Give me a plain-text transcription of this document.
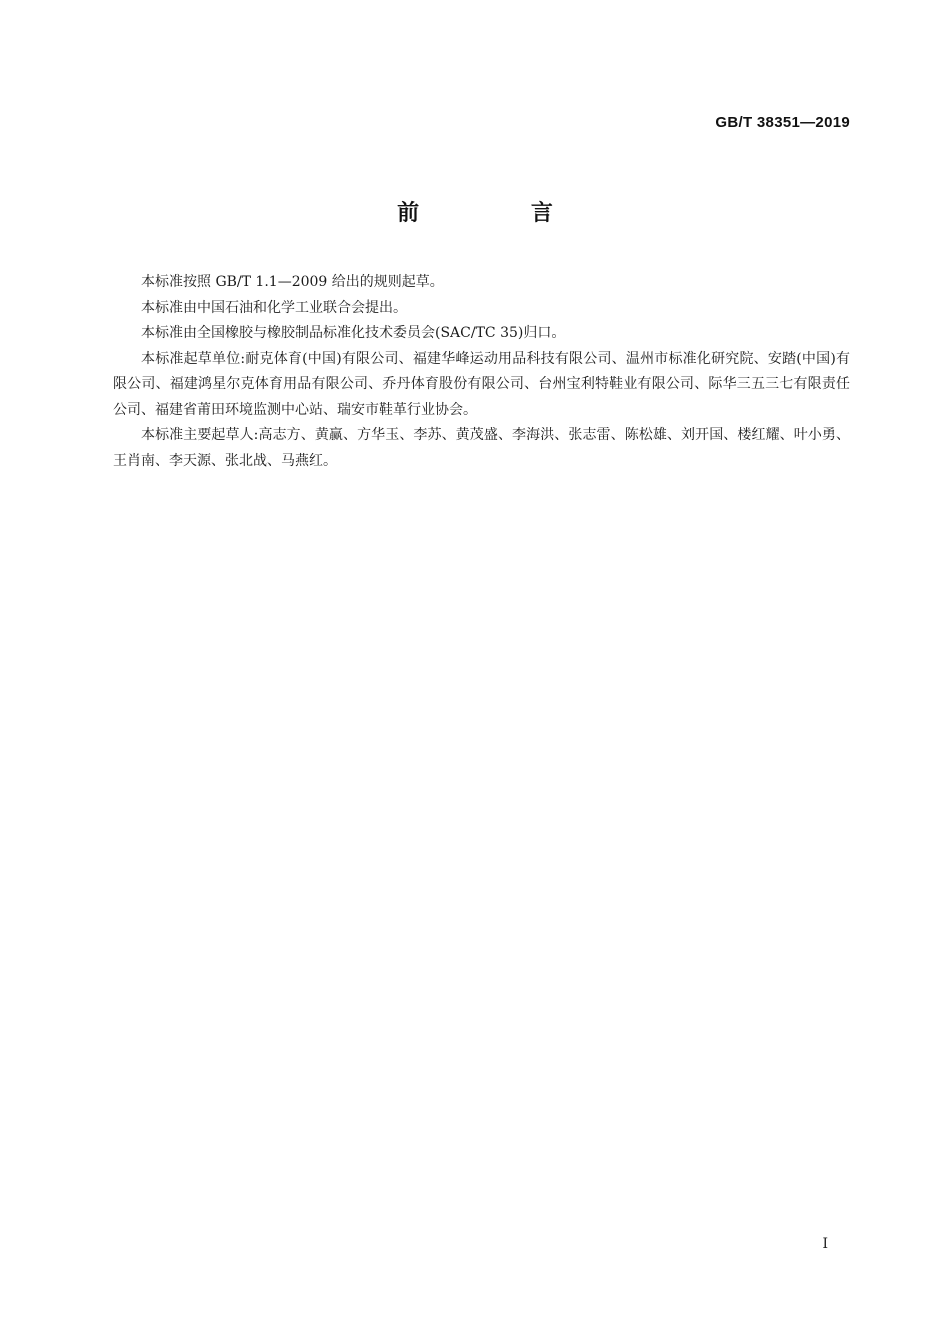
GB/T 38351—2019
前 言

本标准按照 GB/T 1.1—2009 给出的规则起草。

本标准由中国石油和化学工业联合会提出。

本标准由全国橡胶与橡胶制品标准化技术委员会(SAC/TC 35)归口。

本标准起草单位:耐克体育(中国)有限公司、福建华峰运动用品科技有限公司、温州市标准化研究院、安踏(中国)有限公司、福建鸿星尔克体育用品有限公司、乔丹体育股份有限公司、台州宝利特鞋业有限公司、际华三五三七有限责任公司、福建省莆田环境监测中心站、瑞安市鞋革行业协会。

本标准主要起草人:高志方、黄赢、方华玉、李苏、黄茂盛、李海洪、张志雷、陈松雄、刘开国、楼红耀、叶小勇、王肖南、李天源、张北战、马燕红。

I
